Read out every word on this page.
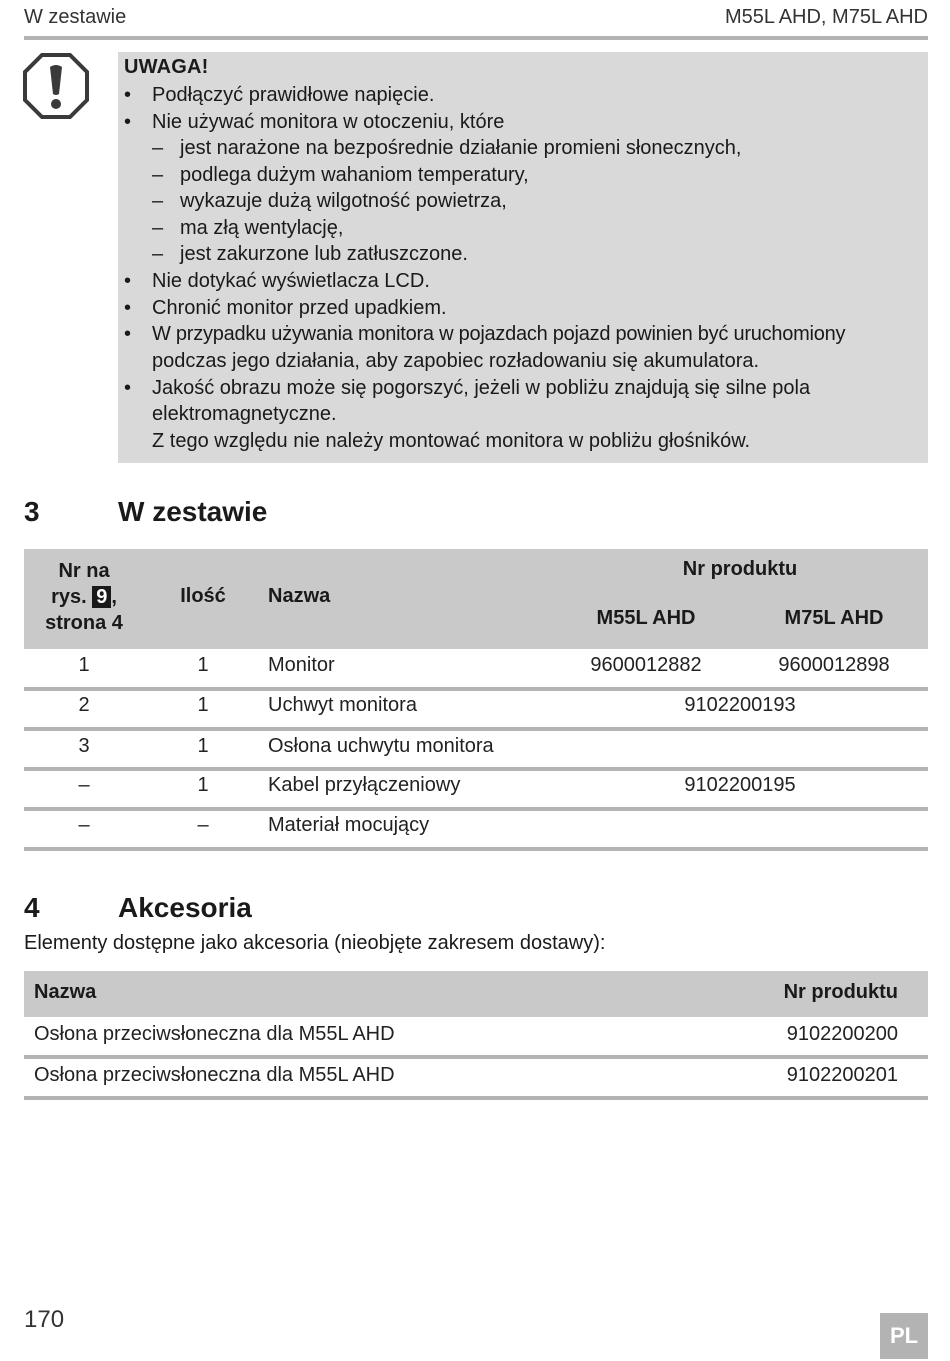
W zestawie	M55L AHD, M75L AHD
UWAGA!
• Podłączyć prawidłowe napięcie.
• Nie używać monitora w otoczeniu, które
– jest narażone na bezpośrednie działanie promieni słonecznych,
– podlega dużym wahaniom temperatury,
– wykazuje dużą wilgotność powietrza,
– ma złą wentylację,
– jest zakurzone lub zatłuszczone.
• Nie dotykać wyświetlacza LCD.
• Chronić monitor przed upadkiem.
• W przypadku używania monitora w pojazdach pojazd powinien być uruchomiony
podczas jego działania, aby zapobiec rozładowaniu się akumulatora.
• Jakość obrazu może się pogorszyć, jeżeli w pobliżu znajdują się silne pola
elektromagnetyczne.
Z tego względu nie należy montować monitora w pobliżu głośników.
3	W zestawie
Nr na
rys. 9 ,
strona 4
Ilość	Nazwa
Nr produktu
M55L AHD	M75L AHD
1	1	Monitor	9600012882	9600012898
2	1	Uchwyt monitora	9102200193
3	1	Osłona uchwytu monitora
–	1	Kabel przyłączeniowy	9102200195
–	–	Materiał mocujący
4	Akcesoria
Elementy dostępne jako akcesoria (nieobjęte zakresem dostawy):
Nazwa	Nr produktu
Osłona przeciwsłoneczna dla M55L AHD	9102200200
Osłona przeciwsłoneczna dla M55L AHD	9102200201
170
PL
